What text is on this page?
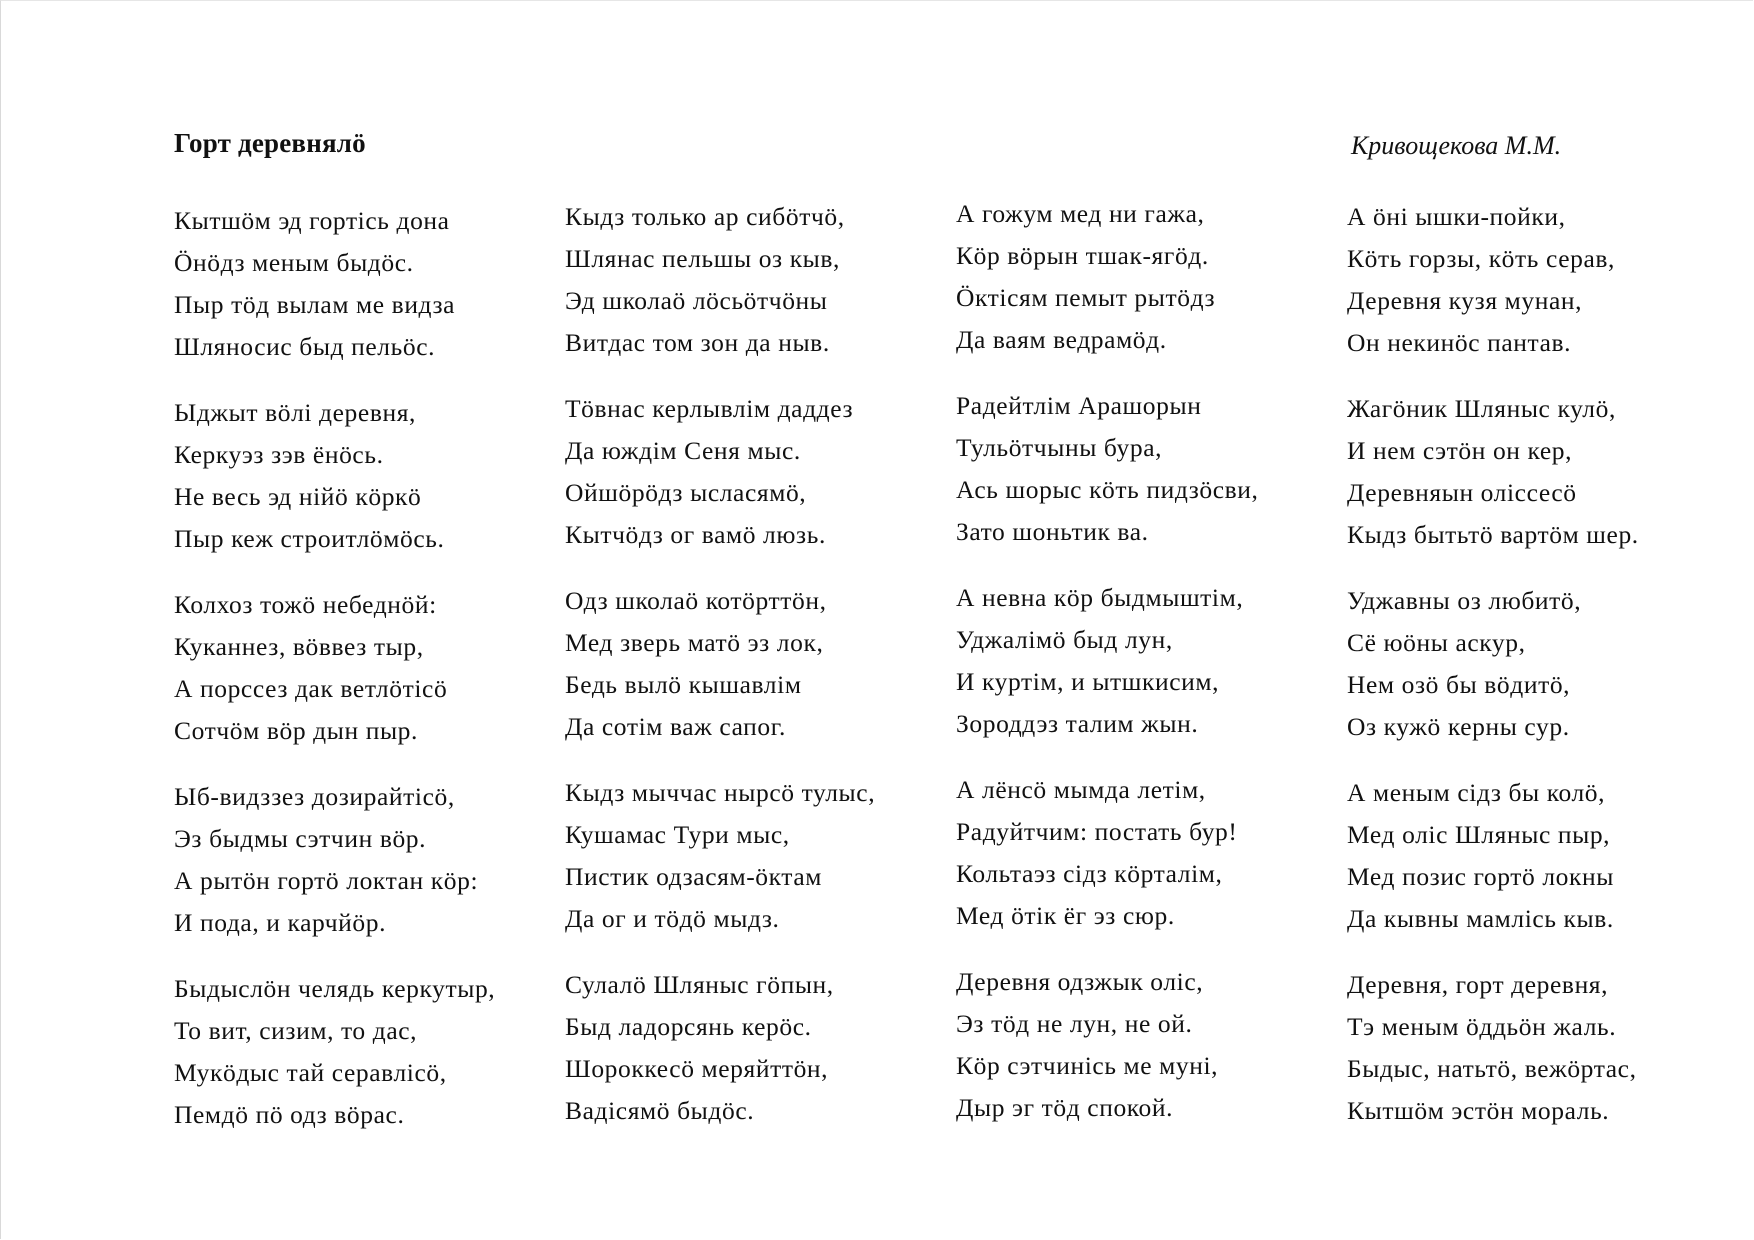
Горт деревнялӧ	Кривощекова М.М.
Кытшӧм эд гортісь дона
Ӧнӧдз меным быдӧс.
Пыр тӧд вылам ме видза
Шляносис быд пельӧс.
Ыджыт вӧлі деревня,
Керкуэз зэв ёнӧсь.
Не весь эд нійӧ кöркӧ
Пыр кеж строитлӧмӧсь.
Колхоз тожӧ небеднӧй:
Куканнез, вӧввез тыр,
А порссез дак ветлӧтісӧ
Сотчӧм вӧр дын пыр.
Ыб-видззез дозирайтісӧ,
Эз быдмы сэтчин вӧр.
А рытӧн гортӧ локтан кӧр:
И пода, и карчйӧр.
Быдыслӧн челядь керкутыр,
То вит, сизим, то дас,
Мукӧдыс тай серавлісӧ,
Пемдӧ пӧ одз вӧрас.
Кыдз только ар сибӧтчӧ,
Шлянас пельшы оз кыв,
Эд школаӧ лӧсьӧтчӧны
Витдас том зон да ныв.
Тӧвнас керлывлім даддез
Да юждім Сеня мыс.
Ойшӧрӧдз ысласямӧ,
Кытчӧдз ог вамӧ люзь.
Одз школаӧ котӧрттӧн,
Мед зверь матӧ эз лок,
Бедь вылӧ кышавлім
Да сотім важ сапог.
Кыдз мыччас нырсӧ тулыс,
Кушамас Тури мыс,
Пистик одзасям-ӧктам
Да ог и тӧдӧ мыдз.
Сулалӧ Шляныс гӧпын,
Быд ладорсянь керӧс.
Шороккесӧ меряйттӧн,
Вадісямӧ быдӧс.
А гожум мед ни гажа,
Кӧр вӧрын тшак-ягӧд.
Ӧктісям пемыт рытӧдз
Да ваям ведрамӧд.
Радейтлім Арашорын
Тульӧтчыны бура,
Ась шорыс кӧть пидзӧсви,
Зато шоньтик ва.
А невна кӧр быдмыштім,
Уджалімӧ быд лун,
И куртім, и ытшкисим,
Зороддэз талим жын.
А лёнсӧ мымда летім,
Радуйтчим: постать бур!
Кольтаэз сідз кӧрталім,
Мед ӧтік ёг эз сюр.
Деревня одзжык оліс,
Эз тӧд не лун, не ой.
Кӧр сэтчинісь ме муні,
Дыр эг тӧд спокой.
А ӧні ышки-пойки,
Кӧть горзы, кӧть серав,
Деревня кузя мунан,
Он некинӧс пантав.
Жагӧник Шляныс кулӧ,
И нем сэтӧн он кер,
Деревняын оліссесӧ
Кыдз бытьтӧ вартӧм шер.
Уджавны оз любитӧ,
Сё юӧны аскур,
Нем озӧ бы вӧдитӧ,
Оз кужӧ керны сур.
А меным сідз бы колӧ,
Мед оліс Шляныс пыр,
Мед позис гортӧ локны
Да кывны мамлісь кыв.
Деревня, горт деревня,
Тэ меным ӧддьӧн жаль.
Быдыс, натьтӧ, вежӧртас,
Кытшӧм эстӧн мораль.
